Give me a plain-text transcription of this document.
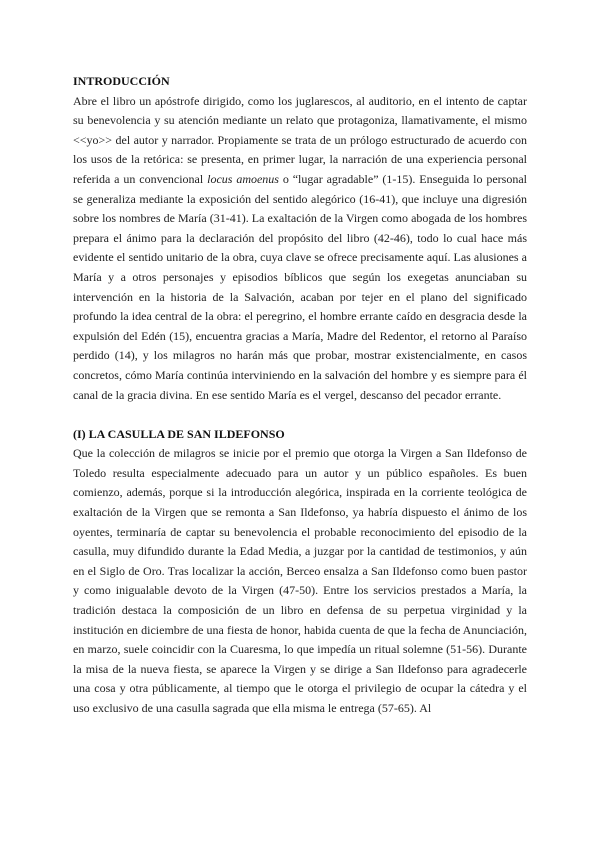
INTRODUCCIÓN

Abre el libro un apóstrofe dirigido, como los juglarescos, al auditorio, en el intento de captar su benevolencia y su atención mediante un relato que protagoniza, llamativamente, el mismo <<yo>> del autor y narrador. Propiamente se trata de un prólogo estructurado de acuerdo con los usos de la retórica: se presenta, en primer lugar, la narración de una experiencia personal referida a un convencional locus amoenus o “lugar agradable” (1-15). Enseguida lo personal se generaliza mediante la exposición del sentido alegórico (16-41), que incluye una digresión sobre los nombres de María (31-41). La exaltación de la Virgen como abogada de los hombres prepara el ánimo para la declaración del propósito del libro (42-46), todo lo cual hace más evidente el sentido unitario de la obra, cuya clave se ofrece precisamente aquí. Las alusiones a María y a otros personajes y episodios bíblicos que según los exegetas anunciaban su intervención en la historia de la Salvación, acaban por tejer en el plano del significado profundo la idea central de la obra: el peregrino, el hombre errante caído en desgracia desde la expulsión del Edén (15), encuentra gracias a María, Madre del Redentor, el retorno al Paraíso perdido (14), y los milagros no harán más que probar, mostrar existencialmente, en casos concretos, cómo María continúa interviniendo en la salvación del hombre y es siempre para él canal de la gracia divina. En ese sentido María es el vergel, descanso del pecador errante.

(I) LA CASULLA DE SAN ILDEFONSO

Que la colección de milagros se inicie por el premio que otorga la Virgen a San Ildefonso de Toledo resulta especialmente adecuado para un autor y un público españoles. Es buen comienzo, además, porque si la introducción alegórica, inspirada en la corriente teológica de exaltación de la Virgen que se remonta a San Ildefonso, ya habría dispuesto el ánimo de los oyentes, terminaría de captar su benevolencia el probable reconocimiento del episodio de la casulla, muy difundido durante la Edad Media, a juzgar por la cantidad de testimonios, y aún en el Siglo de Oro. Tras localizar la acción, Berceo ensalza a San Ildefonso como buen pastor y como inigualable devoto de la Virgen (47-50). Entre los servicios prestados a María, la tradición destaca la composición de un libro en defensa de su perpetua virginidad y la institución en diciembre de una fiesta de honor, habida cuenta de que la fecha de Anunciación, en marzo, suele coincidir con la Cuaresma, lo que impedía un ritual solemne (51-56). Durante la misa de la nueva fiesta, se aparece la Virgen y se dirige a San Ildefonso para agradecerle una cosa y otra públicamente, al tiempo que le otorga el privilegio de ocupar la cátedra y el uso exclusivo de una casulla sagrada que ella misma le entrega (57-65). Al
